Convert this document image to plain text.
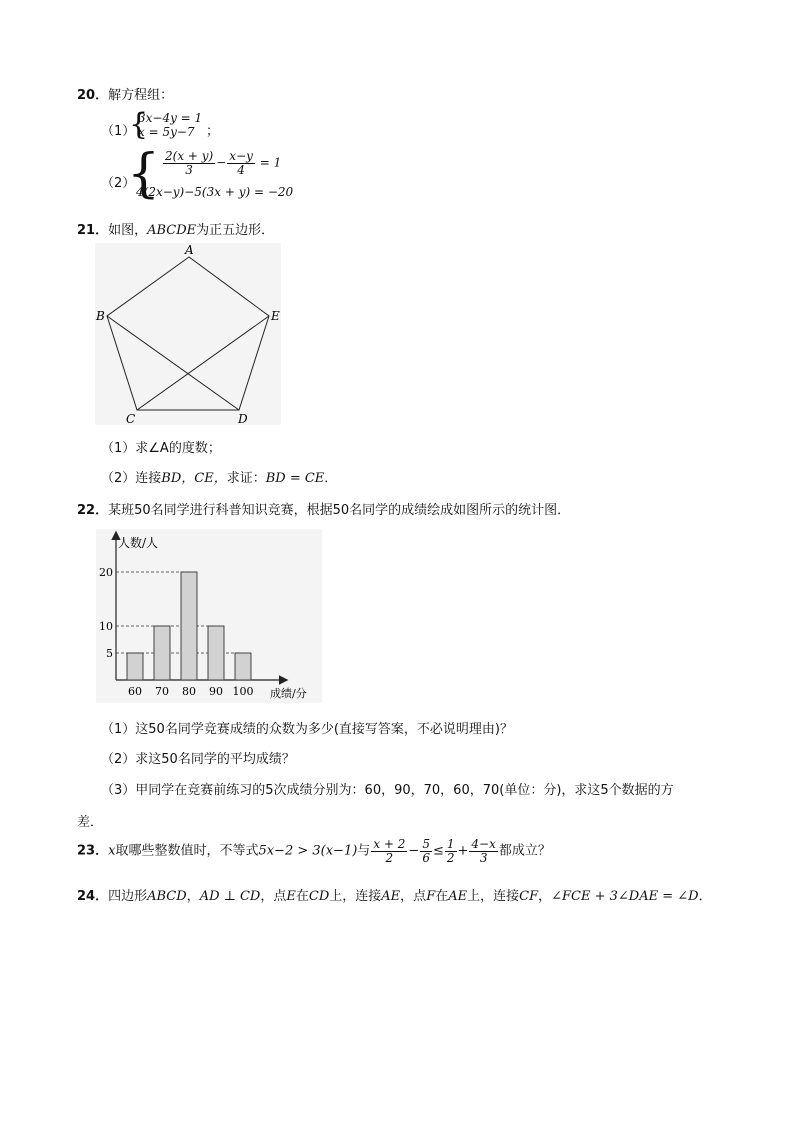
20．解方程组：
（1）
{
3x−4y = 1
x = 5y−7 ；
（2）
{ $\frac{2(x + y)}{3} - \frac{x-y}{4} = 1$
4(2x−y)−5(3x + y) = −20
21．如图，ABCDE为正五边形．
A
B
C	D
E
（1）求∠A的度数；
（2）连接BD，CE，求证：BD = CE．
22．某班50名同学进行科普知识竞赛，根据50名同学的成绩绘成如图所示的统计图．
人数/人
成绩/分
5
10
20
60 70 80 90 100
（1）这50名同学竞赛成绩的众数为多少(直接写答案，不必说明理由)？
（2）求这50名同学的平均成绩？
（3）甲同学在竞赛前练习的5次成绩分别为：60，90，70，60，70(单位：分)，求这5个数据的方
差．
23．x取哪些整数值时，不等式5x−2 > 3(x−1)与 $\frac{x + 2}{2} - \frac{5}{6} \le \frac{1}{2} + \frac{4-x}{3}$ 都成立？
24．四边形ABCD，AD ⊥ CD，点E在CD上，连接AE，点F在AE上，连接CF，∠FCE + 3∠DAE = ∠D．
